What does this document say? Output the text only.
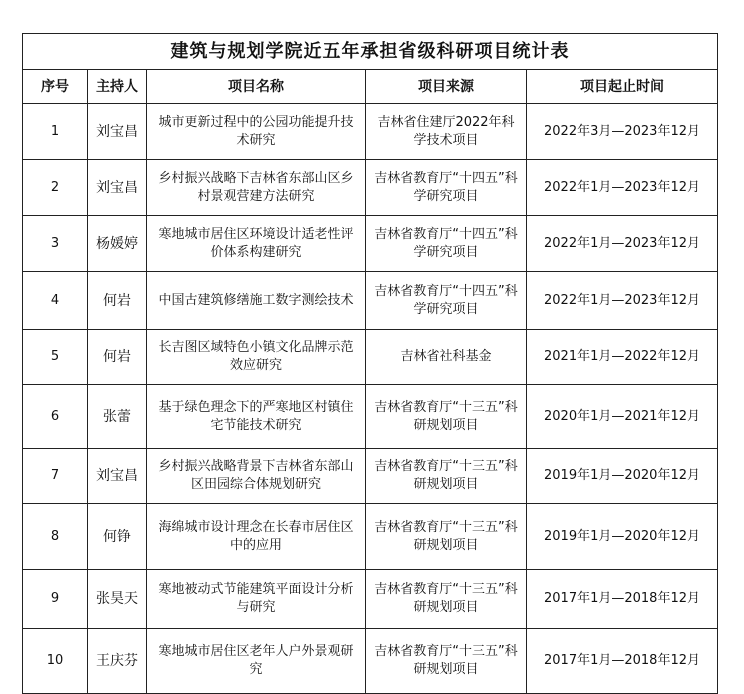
建筑与规划学院近五年承担省级科研项目统计表				
序号	主持人	项目名称	项目来源	项目起止时间
1	刘宝昌	城市更新过程中的公园功能提升技术研究	吉林省住建厅2022年科学技术项目	2022年3月—2023年12月
2	刘宝昌	乡村振兴战略下吉林省东部山区乡村景观营建方法研究	吉林省教育厅“十四五”科学研究项目	2022年1月—2023年12月
3	杨媛婷	寒地城市居住区环境设计适老性评价体系构建研究	吉林省教育厅“十四五”科学研究项目	2022年1月—2023年12月
4	何岩	中国古建筑修缮施工数字测绘技术	吉林省教育厅“十四五”科学研究项目	2022年1月—2023年12月
5	何岩	长吉图区域特色小镇文化品牌示范效应研究	吉林省社科基金	2021年1月—2022年12月
6	张蕾	基于绿色理念下的严寒地区村镇住宅节能技术研究	吉林省教育厅“十三五”科研规划项目	2020年1月—2021年12月
7	刘宝昌	乡村振兴战略背景下吉林省东部山区田园综合体规划研究	吉林省教育厅“十三五”科研规划项目	2019年1月—2020年12月
8	何铮	海绵城市设计理念在长春市居住区中的应用	吉林省教育厅“十三五”科研规划项目	2019年1月—2020年12月
9	张昊天	寒地被动式节能建筑平面设计分析与研究	吉林省教育厅“十三五”科研规划项目	2017年1月—2018年12月
10	王庆芬	寒地城市居住区老年人户外景观研究	吉林省教育厅“十三五”科研规划项目	2017年1月—2018年12月
